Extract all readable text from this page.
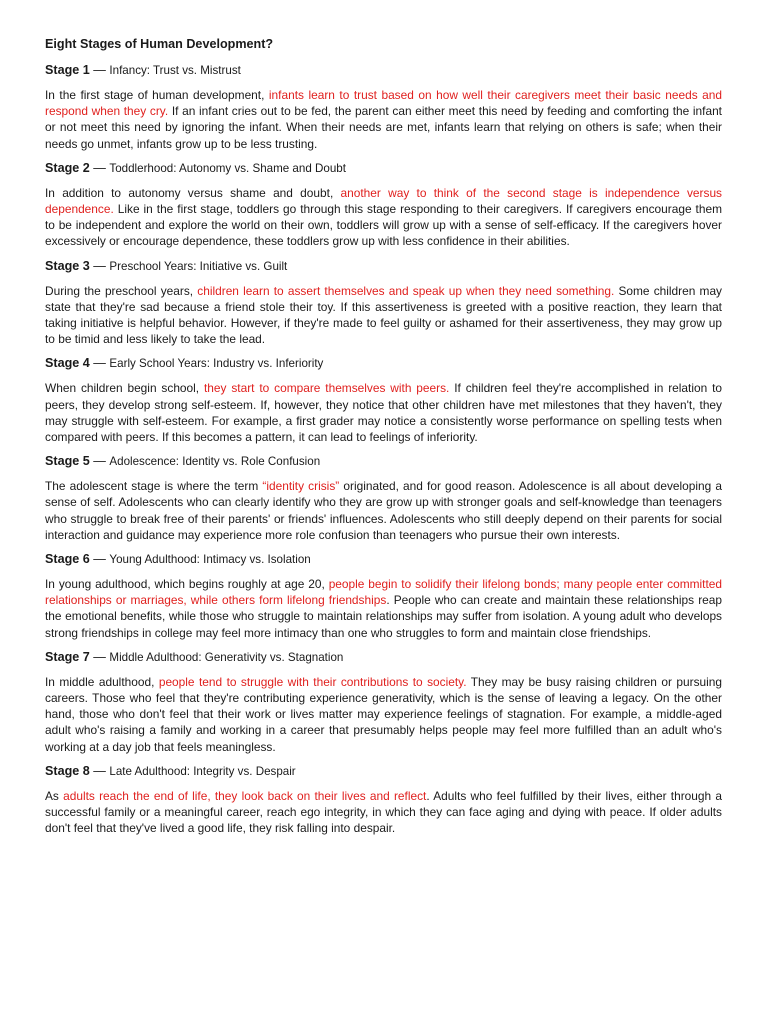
Eight Stages of Human Development?
Stage 1 — Infancy: Trust vs. Mistrust
In the first stage of human development, infants learn to trust based on how well their caregivers meet their basic needs and respond when they cry. If an infant cries out to be fed, the parent can either meet this need by feeding and comforting the infant or not meet this need by ignoring the infant. When their needs are met, infants learn that relying on others is safe; when their needs go unmet, infants grow up to be less trusting.
Stage 2 — Toddlerhood: Autonomy vs. Shame and Doubt
In addition to autonomy versus shame and doubt, another way to think of the second stage is independence versus dependence. Like in the first stage, toddlers go through this stage responding to their caregivers. If caregivers encourage them to be independent and explore the world on their own, toddlers will grow up with a sense of self-efficacy. If the caregivers hover excessively or encourage dependence, these toddlers grow up with less confidence in their abilities.
Stage 3 — Preschool Years: Initiative vs. Guilt
During the preschool years, children learn to assert themselves and speak up when they need something. Some children may state that they're sad because a friend stole their toy. If this assertiveness is greeted with a positive reaction, they learn that taking initiative is helpful behavior. However, if they're made to feel guilty or ashamed for their assertiveness, they may grow up to be timid and less likely to take the lead.
Stage 4 — Early School Years: Industry vs. Inferiority
When children begin school, they start to compare themselves with peers. If children feel they're accomplished in relation to peers, they develop strong self-esteem. If, however, they notice that other children have met milestones that they haven't, they may struggle with self-esteem. For example, a first grader may notice a consistently worse performance on spelling tests when compared with peers. If this becomes a pattern, it can lead to feelings of inferiority.
Stage 5 — Adolescence: Identity vs. Role Confusion
The adolescent stage is where the term “identity crisis” originated, and for good reason. Adolescence is all about developing a sense of self. Adolescents who can clearly identify who they are grow up with stronger goals and self-knowledge than teenagers who struggle to break free of their parents' or friends' influences. Adolescents who still deeply depend on their parents for social interaction and guidance may experience more role confusion than teenagers who pursue their own interests.
Stage 6 — Young Adulthood: Intimacy vs. Isolation
In young adulthood, which begins roughly at age 20, people begin to solidify their lifelong bonds; many people enter committed relationships or marriages, while others form lifelong friendships. People who can create and maintain these relationships reap the emotional benefits, while those who struggle to maintain relationships may suffer from isolation. A young adult who develops strong friendships in college may feel more intimacy than one who struggles to form and maintain close friendships.
Stage 7 — Middle Adulthood: Generativity vs. Stagnation
In middle adulthood, people tend to struggle with their contributions to society. They may be busy raising children or pursuing careers. Those who feel that they're contributing experience generativity, which is the sense of leaving a legacy. On the other hand, those who don't feel that their work or lives matter may experience feelings of stagnation. For example, a middle-aged adult who's raising a family and working in a career that presumably helps people may feel more fulfilled than an adult who's working at a day job that feels meaningless.
Stage 8 — Late Adulthood: Integrity vs. Despair
As adults reach the end of life, they look back on their lives and reflect. Adults who feel fulfilled by their lives, either through a successful family or a meaningful career, reach ego integrity, in which they can face aging and dying with peace. If older adults don't feel that they've lived a good life, they risk falling into despair.
